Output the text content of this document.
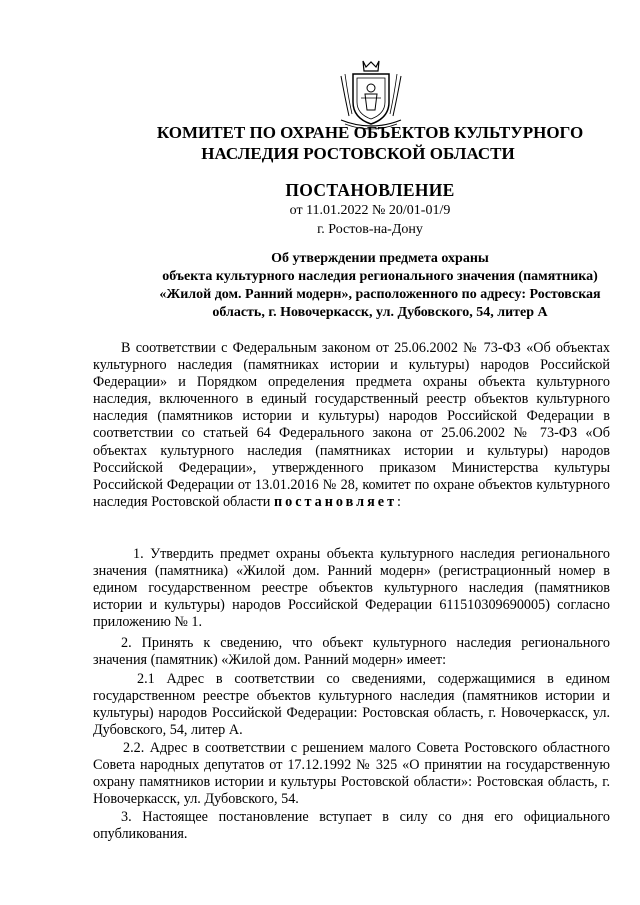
КОМИТЕТ ПО ОХРАНЕ ОБЪЕКТОВ КУЛЬТУРНОГО
НАСЛЕДИЯ РОСТОВСКОЙ ОБЛАСТИ
ПОСТАНОВЛЕНИЕ
от 11.01.2022 № 20/01-01/9
г. Ростов-на-Дону
Об утверждении предмета охраны
объекта культурного наследия регионального значения (памятника)
«Жилой дом. Ранний модерн», расположенного по адресу: Ростовская
область, г. Новочеркасск, ул. Дубовского, 54, литер А

В соответствии с Федеральным законом от 25.06.2002 № 73-ФЗ «Об объектах культурного наследия (памятниках истории и культуры) народов Российской Федерации» и Порядком определения предмета охраны объекта культурного наследия, включенного в единый государственный реестр объектов культурного наследия (памятников истории и культуры) народов Российской Федерации в соответствии со статьей 64 Федерального закона от 25.06.2002 № 73-ФЗ «Об объектах культурного наследия (памятниках истории и культуры) народов Российской Федерации», утвержденного приказом Министерства культуры Российской Федерации от 13.01.2016 № 28, комитет по охране объектов культурного наследия Ростовской области постановляет:

1. Утвердить предмет охраны объекта культурного наследия регионального значения (памятника) «Жилой дом. Ранний модерн» (регистрационный номер в едином государственном реестре объектов культурного наследия (памятников истории и культуры) народов Российской Федерации 611510309690005) согласно приложению № 1.

2. Принять к сведению, что объект культурного наследия регионального значения (памятник) «Жилой дом. Ранний модерн» имеет:

2.1 Адрес в соответствии со сведениями, содержащимися в едином государственном реестре объектов культурного наследия (памятников истории и культуры) народов Российской Федерации: Ростовская область, г. Новочеркасск, ул. Дубовского, 54, литер А.

2.2. Адрес в соответствии с решением малого Совета Ростовского областного Совета народных депутатов от 17.12.1992 № 325 «О принятии на государственную охрану памятников истории и культуры Ростовской области»: Ростовская область, г. Новочеркасск, ул. Дубовского, 54.

3. Настоящее постановление вступает в силу со дня его официального опубликования.
